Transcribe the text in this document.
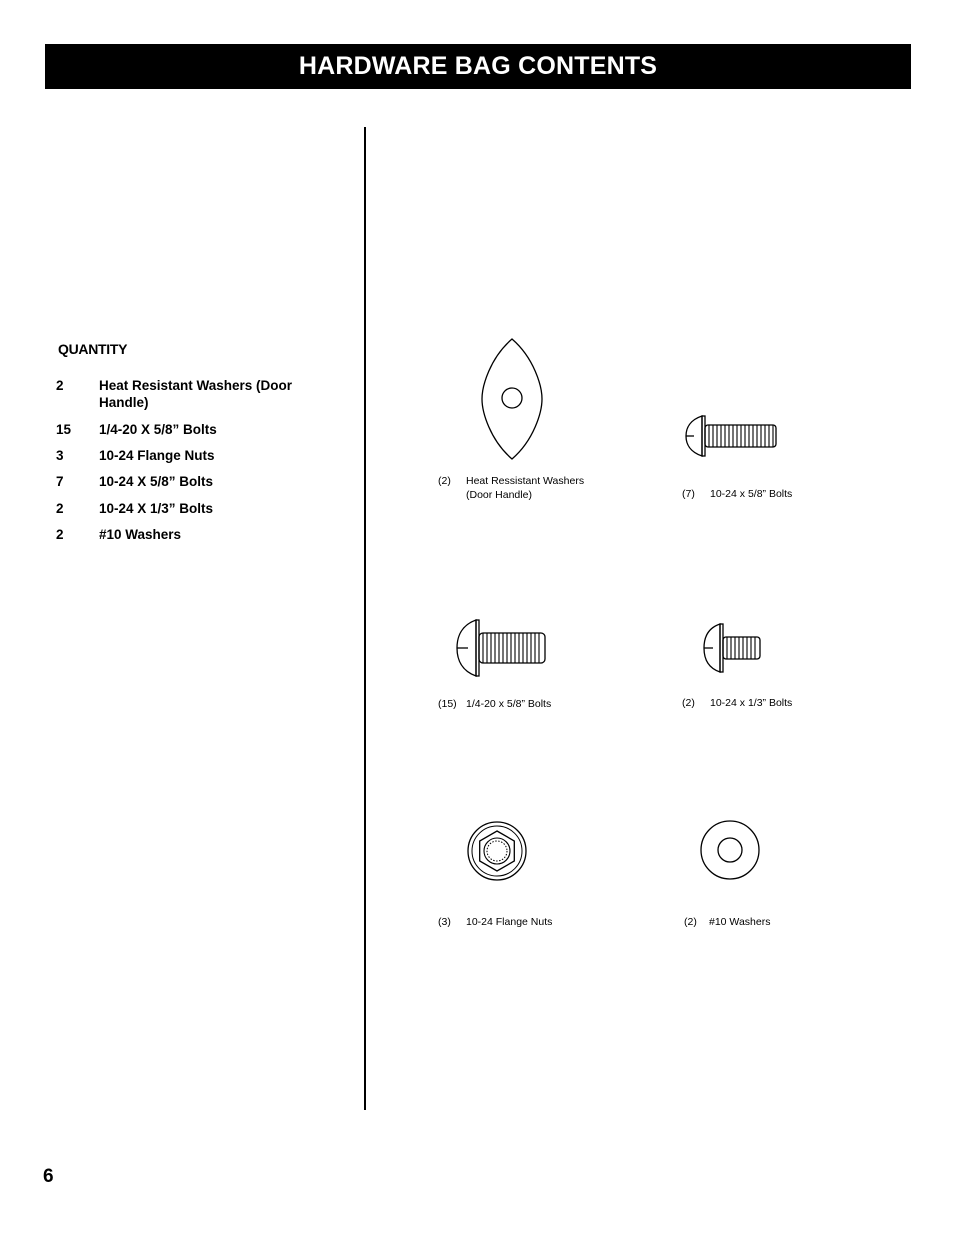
HARDWARE BAG CONTENTS
QUANTITY
2	Heat Resistant Washers (Door Handle)
15	1/4-20 X 5/8” Bolts
3	10-24 Flange Nuts
7	10-24 X 5/8” Bolts
2	10-24 X 1/3” Bolts
2	#10 Washers
(2)	Heat Ressistant Washers (Door Handle)	(7)	10-24 x 5/8” Bolts
(15) 1/4-20 x 5/8” Bolts	(2)	10-24 x 1/3” Bolts
(3)	10-24 Flange Nuts	(2)	#10 Washers
6
